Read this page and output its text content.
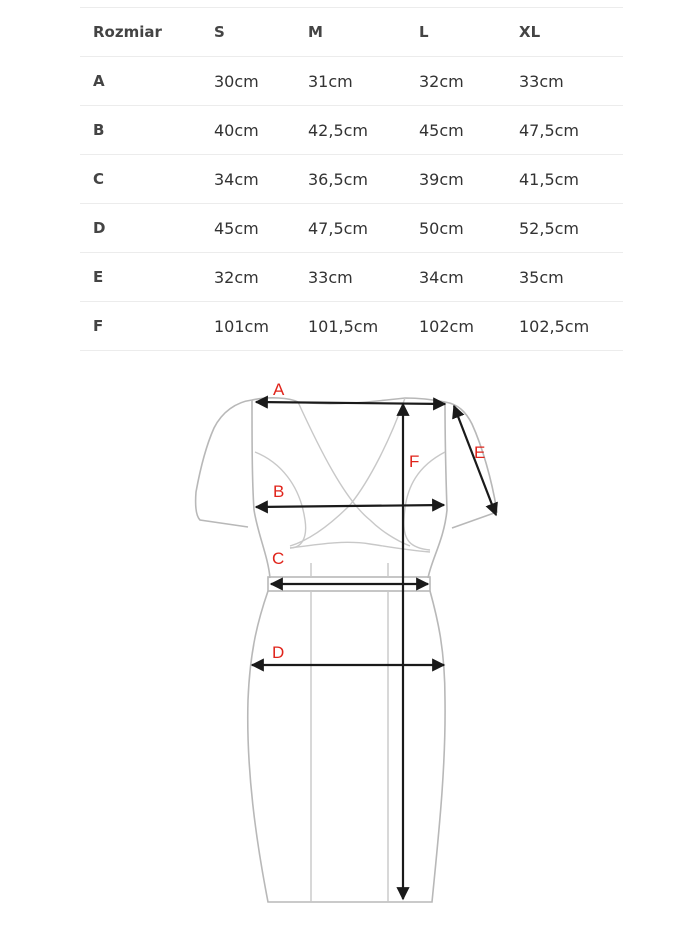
Rozmiar	S	M	L	XL
A	30cm	31cm	32cm	33cm
B	40cm	42,5cm	45cm	47,5cm
C	34cm	36,5cm	39cm	41,5cm
D	45cm	47,5cm	50cm	52,5cm
E	32cm	33cm	34cm	35cm
F	101cm	101,5cm	102cm	102,5cm
A
B
C
D
E
F
